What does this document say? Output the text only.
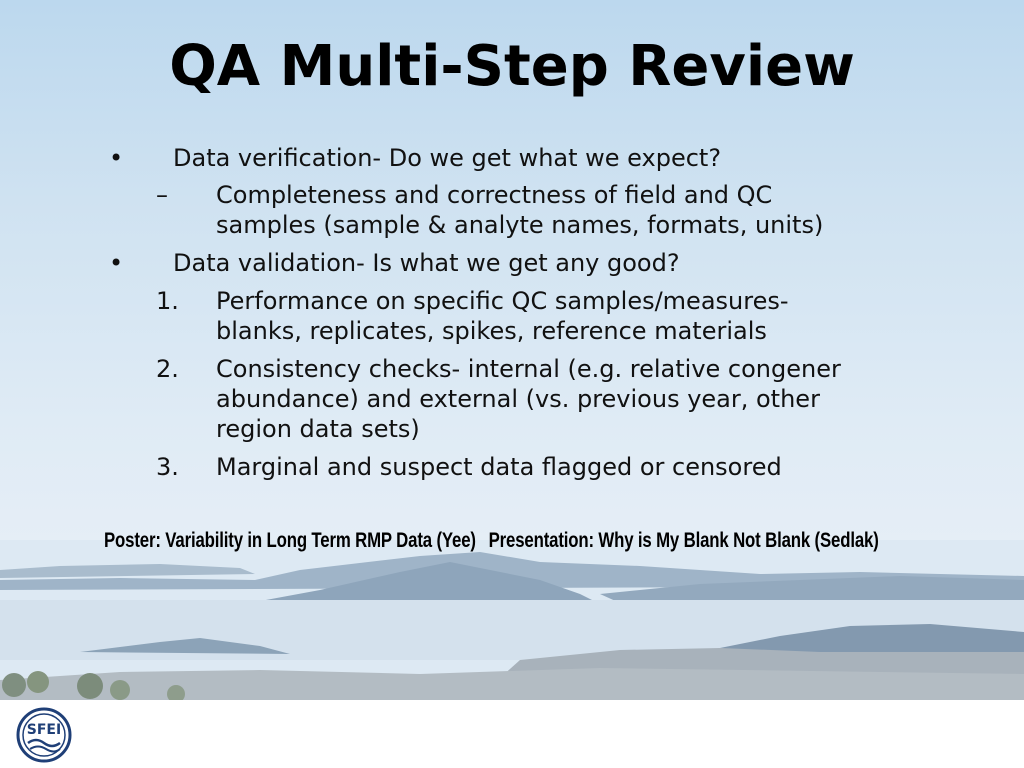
SFEI
QA Multi-Step Review
• Data verification- Do we get what we expect?
– Completeness and correctness of field and QC
samples (sample & analyte names, formats, units)
• Data validation- Is what we get any good?
1. Performance on specific QC samples/measures-
blanks, replicates, spikes, reference materials
2. Consistency checks- internal (e.g. relative congener
abundance) and external (vs. previous year, other
region data sets)
3. Marginal and suspect data flagged or censored
Poster: Variability in Long Term RMP Data (Yee) Presentation: Why is My Blank Not Blank (Sedlak)
